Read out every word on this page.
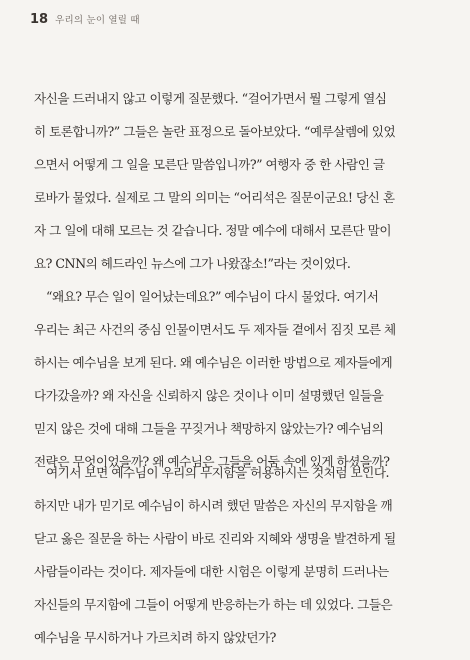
18 우리의 눈이 열릴 때
자신을 드러내지 않고 이렇게 질문했다. “걸어가면서 뭘 그렇게 열심
히 토론합니까?” 그들은 놀란 표정으로 돌아보았다. “예루살렘에 있었
으면서 어떻게 그 일을 모른단 말씀입니까?” 여행자 중 한 사람인 글
로바가 물었다. 실제로 그 말의 의미는 “어리석은 질문이군요! 당신 혼
자 그 일에 대해 모르는 것 같습니다. 정말 예수에 대해서 모른단 말이
요? CNN의 헤드라인 뉴스에 그가 나왔잖소!”라는 것이었다.
“왜요? 무슨 일이 일어났는데요?” 예수님이 다시 물었다. 여기서
우리는 최근 사건의 중심 인물이면서도 두 제자들 곁에서 짐짓 모른 체
하시는 예수님을 보게 된다. 왜 예수님은 이러한 방법으로 제자들에게
다가갔을까? 왜 자신을 신뢰하지 않은 것이나 이미 설명했던 일들을
믿지 않은 것에 대해 그들을 꾸짖거나 책망하지 않았는가? 예수님의
전략은 무엇이었을까? 왜 예수님은 그들을 어둠 속에 있게 하셨을까?
여기서 보면 예수님이 우리의 무지함을 허용하시는 것처럼 보인다.
하지만 내가 믿기로 예수님이 하시려 했던 말씀은 자신의 무지함을 깨
닫고 옳은 질문을 하는 사람이 바로 진리와 지혜와 생명을 발견하게 될
사람들이라는 것이다. 제자들에 대한 시험은 이렇게 분명히 드러나는
자신들의 무지함에 그들이 어떻게 반응하는가 하는 데 있었다. 그들은
예수님을 무시하거나 가르치려 하지 않았던가?
